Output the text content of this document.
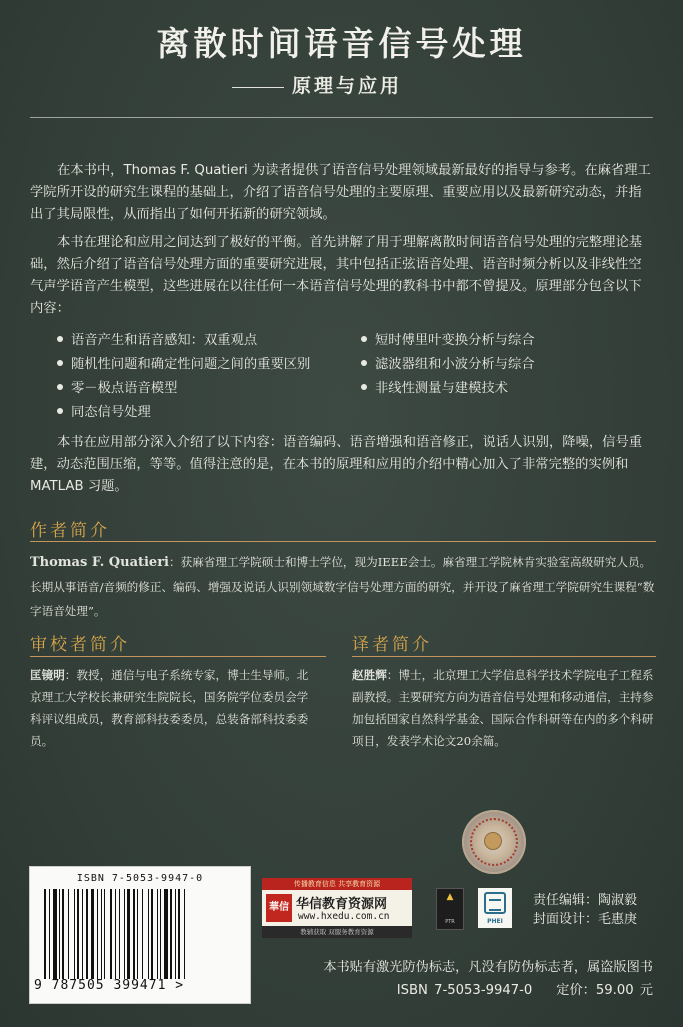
离散时间语音信号处理
原理与应用
在本书中，Thomas F. Quatieri 为读者提供了语音信号处理领域最新最好的指导与参考。在麻省理工学院所开设的研究生课程的基础上，介绍了语音信号处理的主要原理、重要应用以及最新研究动态，并指出了其局限性，从而指出了如何开拓新的研究领域。
本书在理论和应用之间达到了极好的平衡。首先讲解了用于理解离散时间语音信号处理的完整理论基础，然后介绍了语音信号处理方面的重要研究进展，其中包括正弦语音处理、语音时频分析以及非线性空气声学语音产生模型，这些进展在以往任何一本语音信号处理的教科书中都不曾提及。原理部分包含以下内容：
语音产生和语音感知：双重观点
随机性问题和确定性问题之间的重要区别
零－极点语音模型
同态信号处理
短时傅里叶变换分析与综合
滤波器组和小波分析与综合
非线性测量与建模技术
本书在应用部分深入介绍了以下内容：语音编码、语音增强和语音修正，说话人识别，降噪，信号重建，动态范围压缩，等等。值得注意的是，在本书的原理和应用的介绍中精心加入了非常完整的实例和 MATLAB 习题。
作者简介
Thomas F. Quatieri：获麻省理工学院硕士和博士学位，现为IEEE会士。麻省理工学院林肯实验室高级研究人员。长期从事语音/音频的修正、编码、增强及说话人识别领域数字信号处理方面的研究，并开设了麻省理工学院研究生课程“数字语音处理”。
审校者简介
匡镜明：教授，通信与电子系统专家，博士生导师。北京理工大学校长兼研究生院院长，国务院学位委员会学科评议组成员，教育部科技委委员，总装备部科技委委员。
译者简介
赵胜辉：博士，北京理工大学信息科学技术学院电子工程系副教授。主要研究方向为语音信号处理和移动通信，主持参加包括国家自然科学基金、国际合作科研等在内的多个科研项目，发表学术论文20余篇。
ISBN 7-5053-9947-0
9 787505 399471 >
传播教育信息 共享教育资源
華信 华信教育资源网
www.hxedu.com.cn
教辅获取 双服务教育资源
▲
PTR	PHEI
责任编辑：陶淑毅
封面设计：毛惠庚
本书贴有激光防伪标志，凡没有防伪标志者，属盗版图书
ISBN 7-5053-9947-0 定价：59.00 元
